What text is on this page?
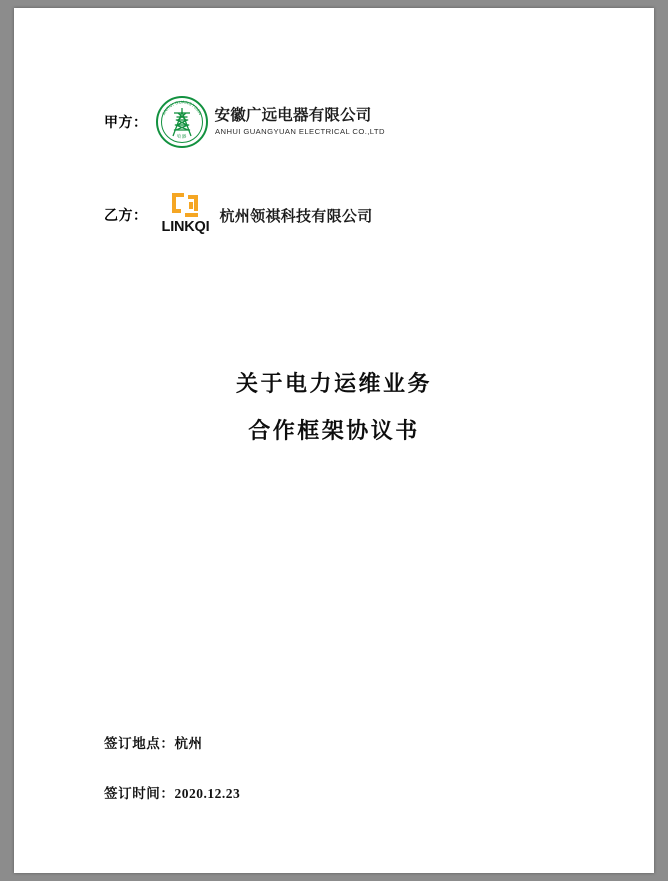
甲方：
ANHUI GUANGYUAN
电器
安徽广远电器有限公司
ANHUI GUANGYUAN ELECTRICAL CO.,LTD
乙方：
LINKQI
杭州领祺科技有限公司
关于电力运维业务
合作框架协议书
签订地点：杭州
签订时间：2020.12.23
